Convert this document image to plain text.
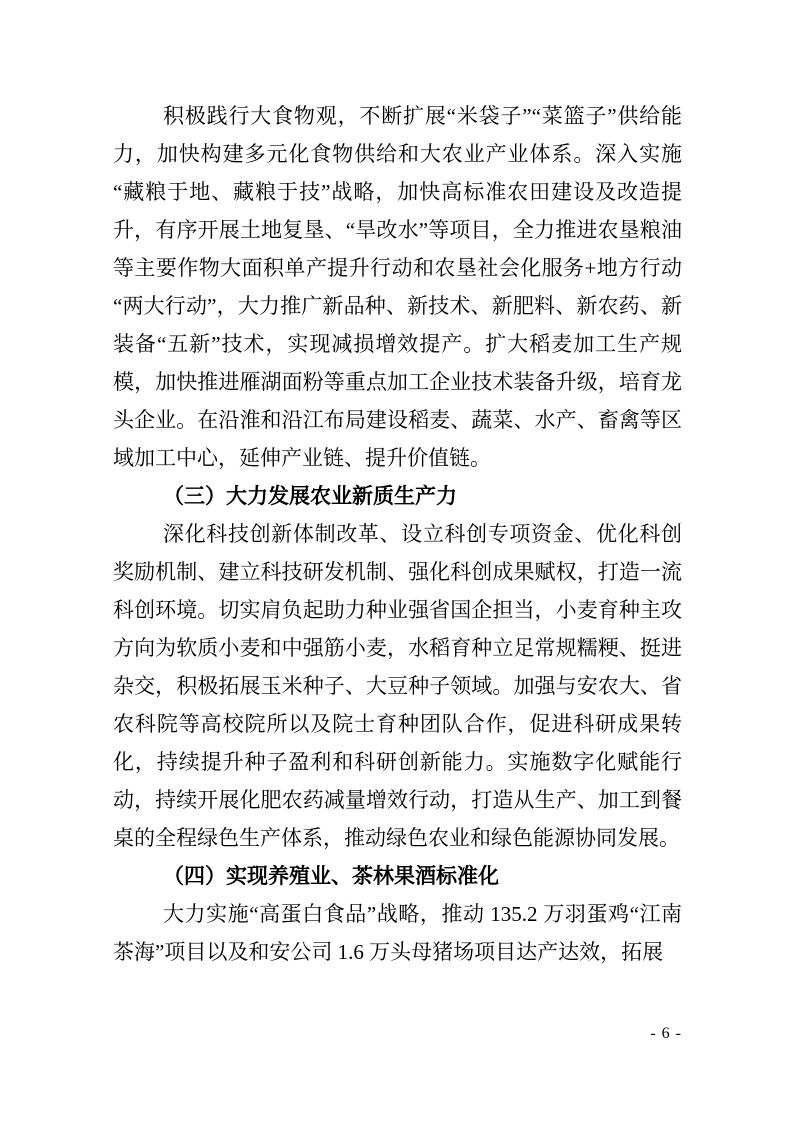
积极践行大食物观，不断扩展“米袋子”“菜篮子”供给能力，加快构建多元化食物供给和大农业产业体系。深入实施“藏粮于地、藏粮于技”战略，加快高标准农田建设及改造提升，有序开展土地复垦、“旱改水”等项目，全力推进农垦粮油等主要作物大面积单产提升行动和农垦社会化服务+地方行动“两大行动”，大力推广新品种、新技术、新肥料、新农药、新装备“五新”技术，实现减损增效提产。扩大稻麦加工生产规模，加快推进雁湖面粉等重点加工企业技术装备升级，培育龙头企业。在沿淮和沿江布局建设稻麦、蔬菜、水产、畜禽等区域加工中心，延伸产业链、提升价值链。

（三）大力发展农业新质生产力

深化科技创新体制改革、设立科创专项资金、优化科创奖励机制、建立科技研发机制、强化科创成果赋权，打造一流科创环境。切实肩负起助力种业强省国企担当，小麦育种主攻方向为软质小麦和中强筋小麦，水稻育种立足常规糯粳、挺进杂交，积极拓展玉米种子、大豆种子领域。加强与安农大、省农科院等高校院所以及院士育种团队合作，促进科研成果转化，持续提升种子盈利和科研创新能力。实施数字化赋能行动，持续开展化肥农药减量增效行动，打造从生产、加工到餐桌的全程绿色生产体系，推动绿色农业和绿色能源协同发展。

（四）实现养殖业、茶林果酒标准化

大力实施“高蛋白食品”战略，推动 135.2 万羽蛋鸡“江南茶海”项目以及和安公司 1.6 万头母猪场项目达产达效，拓展

- 6 -
